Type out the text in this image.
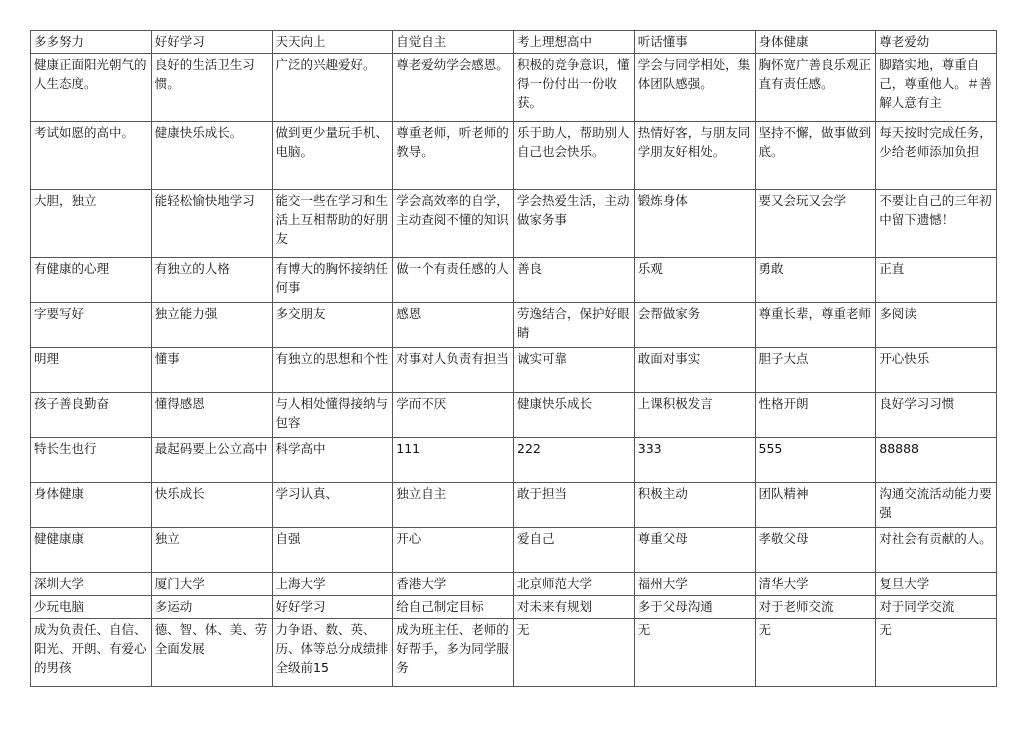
多多努力	好好学习	天天向上	自觉自主	考上理想高中	听话懂事	身体健康	尊老爱幼
健康正面阳光朝气的人生态度。	良好的生活卫生习惯。	广泛的兴趣爱好。	尊老爱幼学会感恩。	积极的竞争意识，懂得一份付出一份收获。	学会与同学相处，集体团队感强。	胸怀宽广善良乐观正直有责任感。	脚踏实地，尊重自己，尊重他人。＃善解人意有主
考试如愿的高中。	健康快乐成长。	做到更少量玩手机、电脑。	尊重老师，听老师的教导。	乐于助人，帮助别人自己也会快乐。	热情好客，与朋友同学朋友好相处。	坚持不懈，做事做到底。	每天按时完成任务，少给老师添加负担
大胆，独立	能轻松愉快地学习	能交一些在学习和生活上互相帮助的好朋友	学会高效率的自学，主动查阅不懂的知识	学会热爱生活，主动做家务事	锻炼身体	要又会玩又会学	不要让自己的三年初中留下遗憾！
有健康的心理	有独立的人格	有博大的胸怀接纳任何事	做一个有责任感的人	善良	乐观	勇敢	正直
字要写好	独立能力强	多交朋友	感恩	劳逸结合，保护好眼睛	会帮做家务	尊重长辈，尊重老师	多阅读
明理	懂事	有独立的思想和个性	对事对人负责有担当	诚实可靠	敢面对事实	胆子大点	开心快乐
孩子善良勤奋	懂得感恩	与人相处懂得接纳与包容	学而不厌	健康快乐成长	上课积极发言	性格开朗	良好学习习惯
特长生也行	最起码要上公立高中	科学高中	111	222	333	555	88888
身体健康	快乐成长	学习认真、	独立自主	敢于担当	积极主动	团队精神	沟通交流活动能力要强
健健康康	独立	自强	开心	爱自己	尊重父母	孝敬父母	对社会有贡献的人。
深圳大学	厦门大学	上海大学	香港大学	北京师范大学	福州大学	清华大学	复旦大学
少玩电脑	多运动	好好学习	给自己制定目标	对未来有规划	多于父母沟通	对于老师交流	对于同学交流
成为负责任、自信、阳光、开朗、有爱心的男孩	德、智、体、美、劳全面发展	力争语、数、英、历、体等总分成绩排全级前15	成为班主任、老师的好帮手，多为同学服务	无	无	无	无
